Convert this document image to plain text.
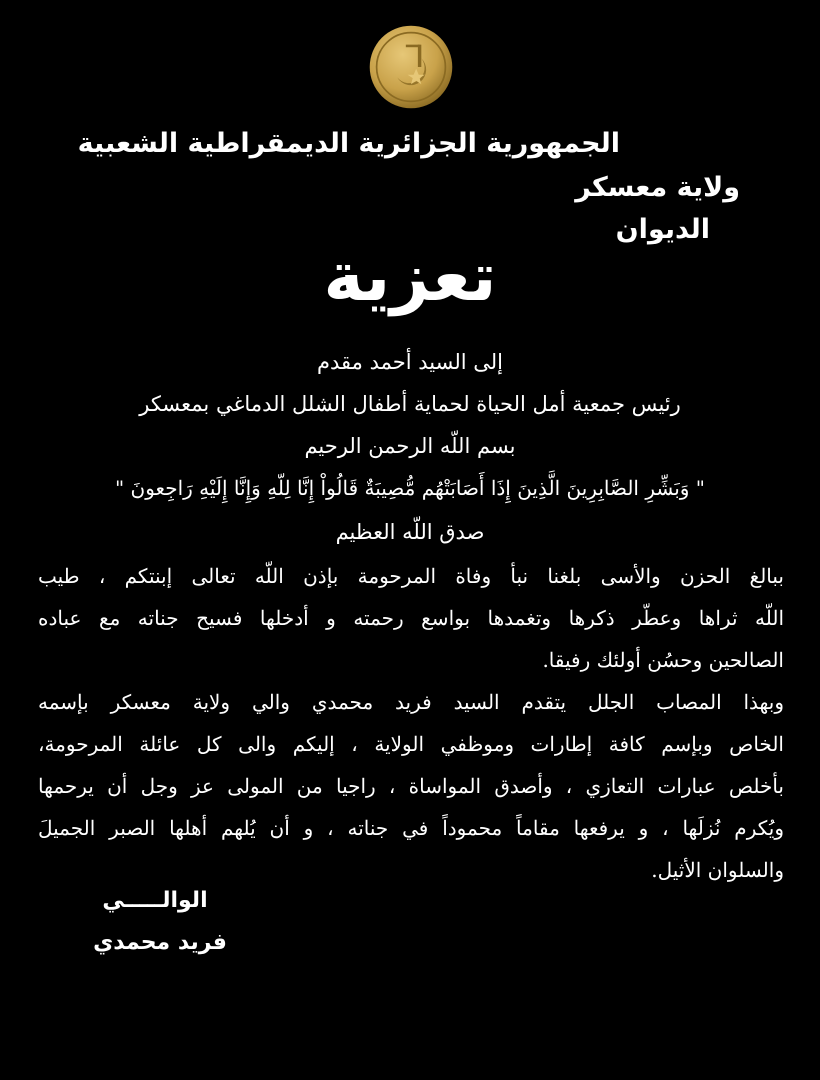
الجمهورية الجزائرية الديمقراطية الشعبية
ولاية معسكر
الديوان
تعزية
إلى السيد أحمد مقدم
رئيس جمعية أمل الحياة لحماية أطفال الشلل الدماغي بمعسكر
بسم اللّه الرحمن الرحيم
" وَبَشِّرِ الصَّابِرِينَ الَّذِينَ إِذَا أَصَابَتْهُم مُّصِيبَةٌ قَالُواْ إِنَّا لِلّهِ وَإِنَّا إِلَيْهِ رَاجِعونَ "
صدق اللّه العظيم
ببالغ الحزن والأسى بلغنا نبأ وفاة المرحومة بإذن اللّه تعالى إبنتكم ، طيب
اللّه ثراها وعطّر ذكرها وتغمدها بواسع رحمته و أدخلها فسيح جناته مع عباده
الصالحين وحسُن أولئك رفيقا.
وبهذا المصاب الجلل يتقدم السيد فريد محمدي والي ولاية معسكر بإسمه
الخاص وبإسم كافة إطارات وموظفي الولاية ، إليكم والى كل عائلة المرحومة،
بأخلص عبارات التعازي ، وأصدق المواساة ، راجيا من المولى عز وجل أن يرحمها
ويُكرم نُزلَها ، و يرفعها مقاماً محموداً في جناته ، و أن يُلهم أهلها الصبر الجميلَ
والسلوان الأثيل.
الوالـــــي
فريد محمدي
